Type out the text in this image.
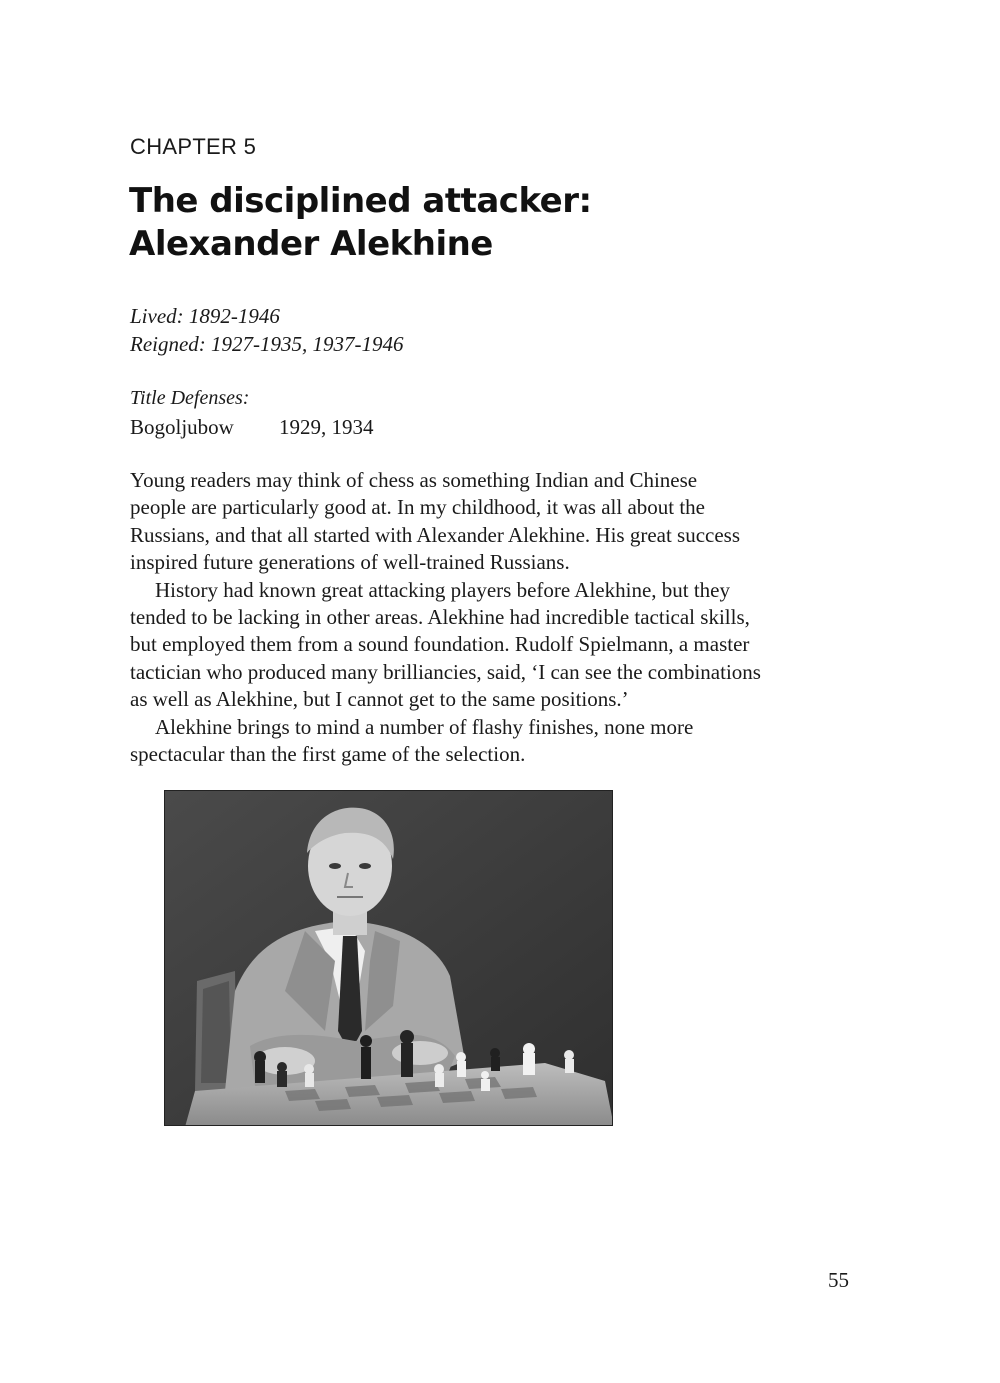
CHAPTER 5
The disciplined attacker:
Alexander Alekhine
Lived: 1892-1946
Reigned: 1927-1935, 1937-1946
Title Defenses:
Bogoljubow	1929, 1934

Young readers may think of chess as something Indian and Chinese
people are particularly good at. In my childhood, it was all about the
Russians, and that all started with Alexander Alekhine. His great success
inspired future generations of well-trained Russians.

History had known great attacking players before Alekhine, but they
tended to be lacking in other areas. Alekhine had incredible tactical skills,
but employed them from a sound foundation. Rudolf Spielmann, a master
tactician who produced many brilliancies, said, ‘I can see the combinations
as well as Alekhine, but I cannot get to the same positions.’

Alekhine brings to mind a number of flashy finishes, none more
spectacular than the first game of the selection.

55
